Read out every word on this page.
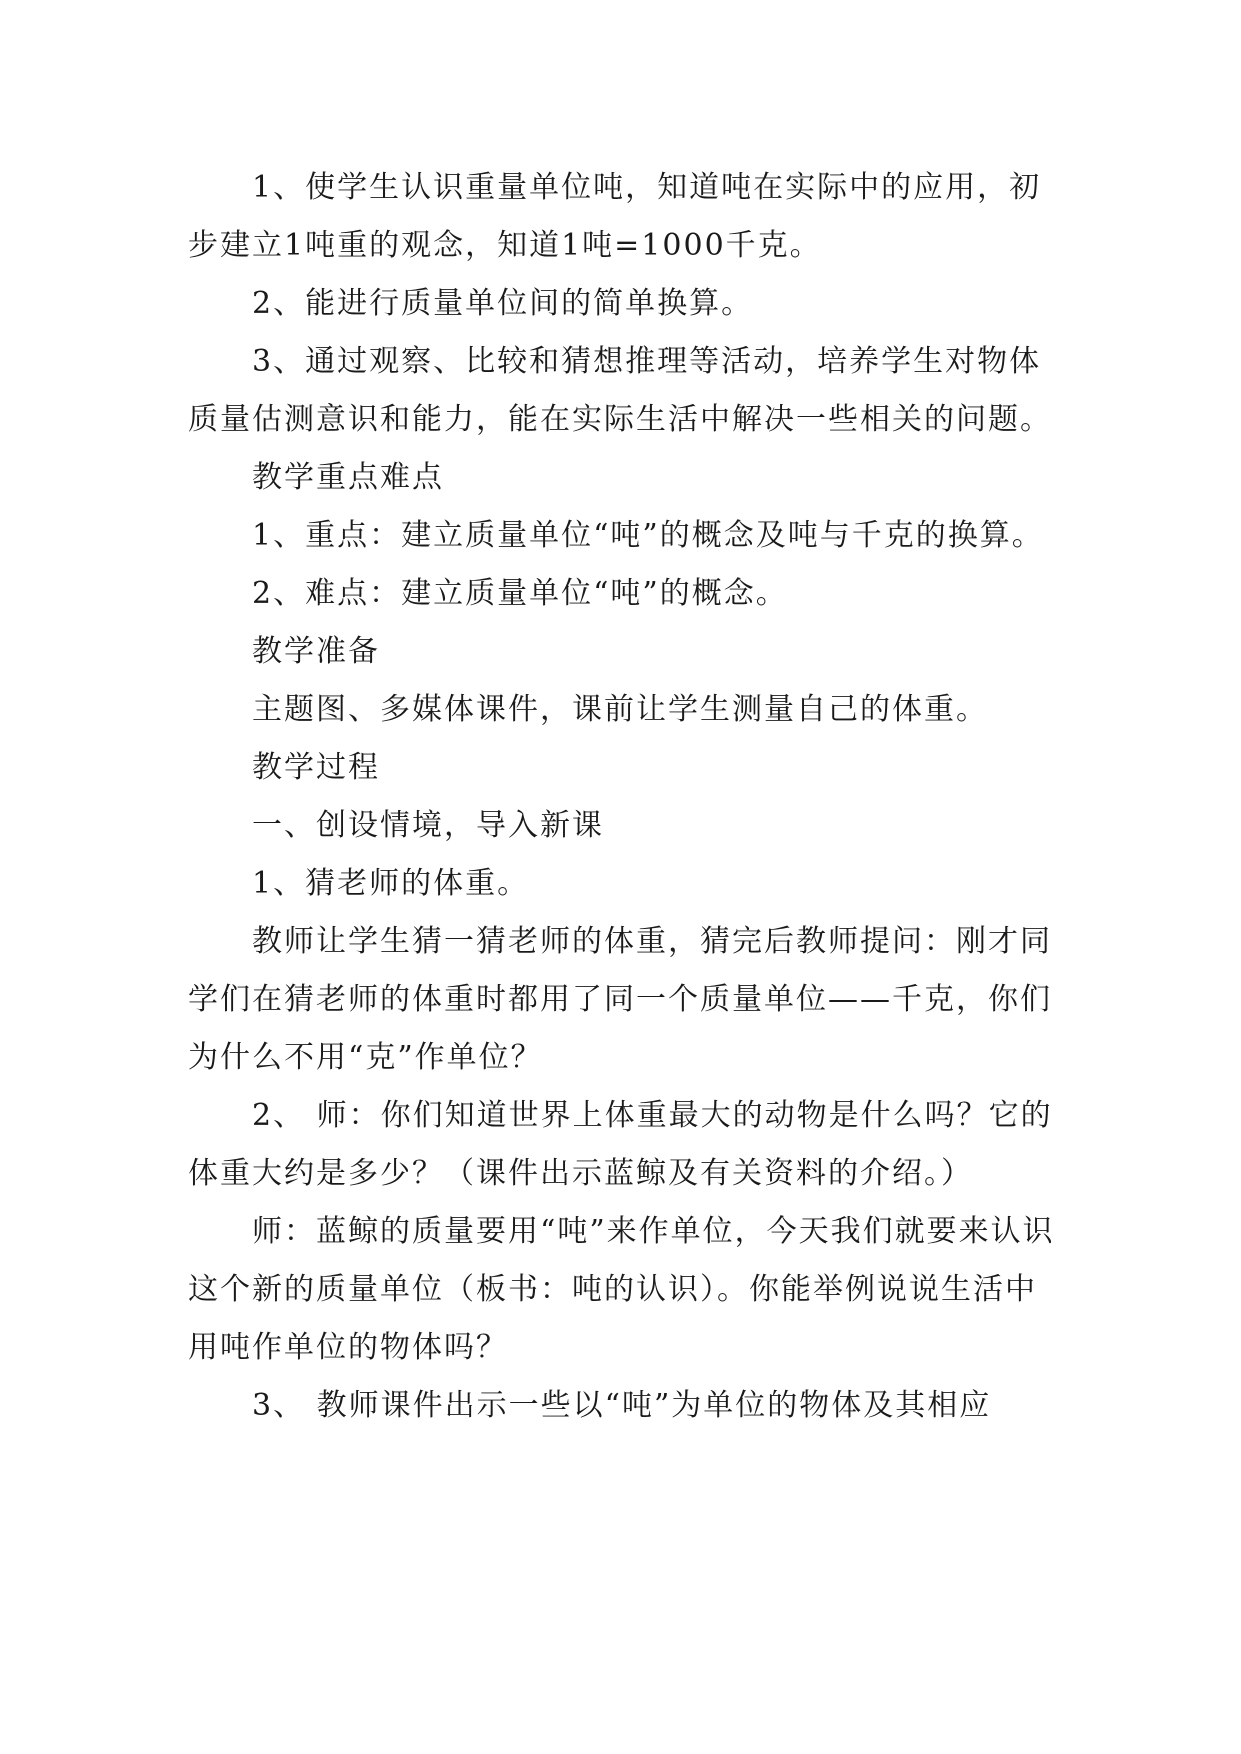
1、使学生认识重量单位吨，知道吨在实际中的应用，初步建立1吨重的观念，知道1吨=1000千克。

2、能进行质量单位间的简单换算。

3、通过观察、比较和猜想推理等活动，培养学生对物体质量估测意识和能力，能在实际生活中解决一些相关的问题。

教学重点难点

1、重点：建立质量单位“吨”的概念及吨与千克的换算。

2、难点：建立质量单位“吨”的概念。

教学准备

主题图、多媒体课件，课前让学生测量自己的体重。

教学过程

一、创设情境，导入新课

1、猜老师的体重。

教师让学生猜一猜老师的体重，猜完后教师提问：刚才同学们在猜老师的体重时都用了同一个质量单位——千克，你们为什么不用“克”作单位？

2、 师：你们知道世界上体重最大的动物是什么吗？它的体重大约是多少？（课件出示蓝鲸及有关资料的介绍。）

师：蓝鲸的质量要用“吨”来作单位，今天我们就要来认识这个新的质量单位（板书：吨的认识）。你能举例说说生活中用吨作单位的物体吗？

3、 教师课件出示一些以“吨”为单位的物体及其相应
